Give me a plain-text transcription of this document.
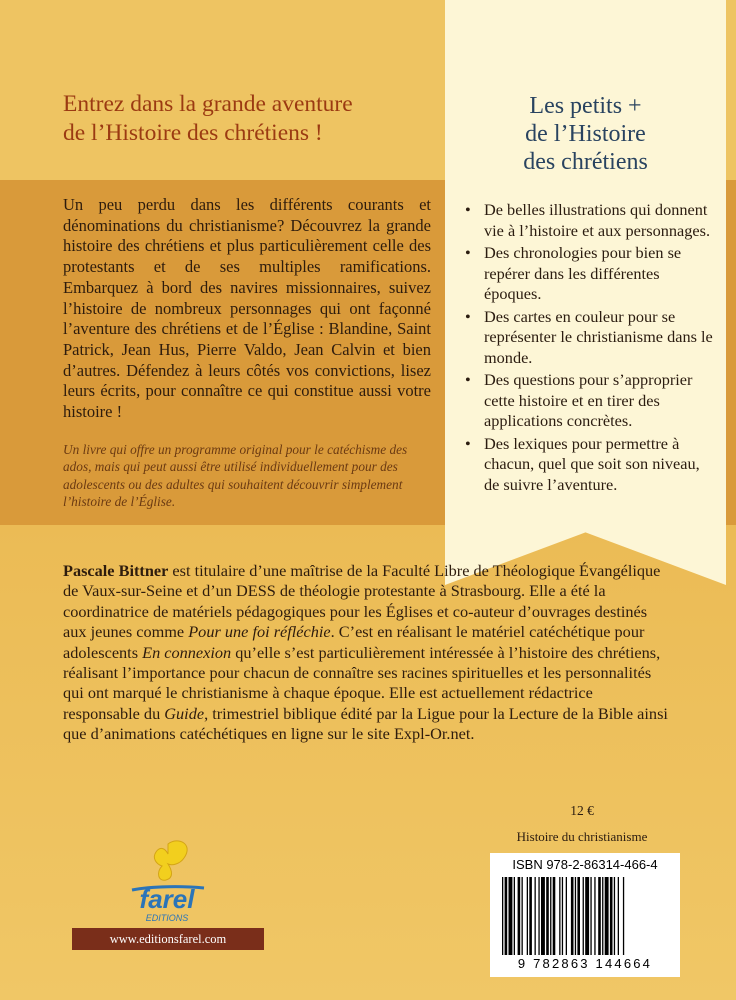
Entrez dans la grande aventure
de l’Histoire des chrétiens !

Un peu perdu dans les différents courants et dénominations du christianisme? Découvrez la grande histoire des chrétiens et plus particulièrement celle des protestants et de ses multiples ramifications. Embarquez à bord des navires missionnaires, suivez l’histoire de nombreux personnages qui ont façonné l’aventure des chrétiens et de l’Église : Blandine, Saint Patrick, Jean Hus, Pierre Valdo, Jean Calvin et bien d’autres. Défendez à leurs côtés vos convictions, lisez leurs écrits, pour connaître ce qui constitue aussi votre histoire !

Un livre qui offre un programme original pour le catéchisme des ados, mais qui peut aussi être utilisé individuellement pour des adolescents ou des adultes qui souhaitent découvrir simplement l’histoire de l’Église.

Les petits +
de l’Histoire
des chrétiens
• De belles illustrations qui donnent vie à l’histoire et aux personnages.
• Des chronologies pour bien se repérer dans les différentes époques.
• Des cartes en couleur pour se représenter le christianisme dans le monde.
• Des questions pour s’approprier cette histoire et en tirer des applications concrètes.
• Des lexiques pour permettre à chacun, quel que soit son niveau, de suivre l’aventure.

Pascale Bittner est titulaire d’une maîtrise de la Faculté Libre de Théologique Évangélique de Vaux-sur-Seine et d’un DESS de théologie protestante à Strasbourg. Elle a été la coordinatrice de matériels pédagogiques pour les Églises et co-auteur d’ouvrages destinés aux jeunes comme Pour une foi réfléchie. C’est en réalisant le matériel catéchétique pour adolescents En connexion qu’elle s’est particulièrement intéressée à l’histoire des chrétiens, réalisant l’importance pour chacun de connaître ses racines spirituelles et les personnalités qui ont marqué le christianisme à chaque époque. Elle est actuellement rédactrice responsable du Guide, trimestriel biblique édité par la Ligue pour la Lecture de la Bible ainsi que d’animations catéchétiques en ligne sur le site Expl-Or.net.

farel
EDITIONS
www.editionsfarel.com
12 €
Histoire du christianisme

ISBN 978-2-86314-466-4

9 782863 144664
